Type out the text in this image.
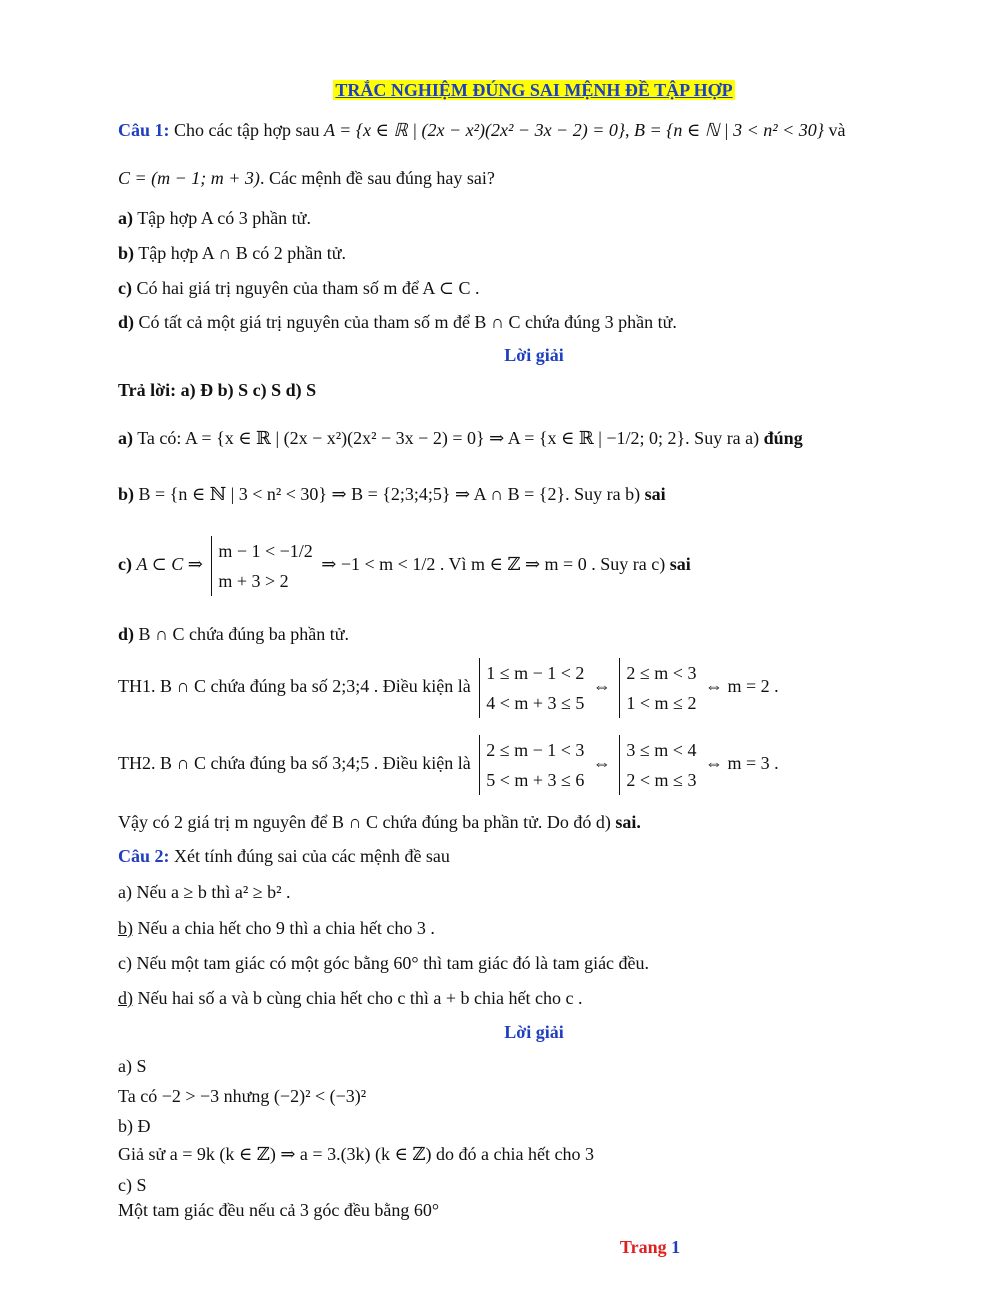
TRẮC NGHIỆM ĐÚNG SAI MỆNH ĐỀ TẬP HỢP
Câu 1: Cho các tập hợp sau A = {x ∈ ℝ | (2x − x²)(2x² − 3x − 2) = 0}, B = {n ∈ ℕ | 3 < n² < 30} và
C = (m − 1; m + 3). Các mệnh đề sau đúng hay sai?
a) Tập hợp A có 3 phần tử.
b) Tập hợp A ∩ B có 2 phần tử.
c) Có hai giá trị nguyên của tham số m để A ⊂ C .
d) Có tất cả một giá trị nguyên của tham số m để B ∩ C chứa đúng 3 phần tử.
Lời giải
Trả lời: a) Đ b) S c) S d) S
a) Ta có: A = {x ∈ ℝ | (2x − x²)(2x² − 3x − 2) = 0} ⇒ A = {x ∈ ℝ | −1/2; 0; 2}. Suy ra a) đúng
b) B = {n ∈ ℕ | 3 < n² < 30} ⇒ B = {2;3;4;5} ⇒ A ∩ B = {2}. Suy ra b) sai
c) A ⊂ C ⇒ m − 1 < −1/2
m + 3 > 2 ⇒ −1 < m < 1/2 . Vì m ∈ ℤ ⇒ m = 0 . Suy ra c) sai
d) B ∩ C chứa đúng ba phần tử.
TH1. B ∩ C chứa đúng ba số 2;3;4 . Điều kiện là 1 ≤ m − 1 < 2
4 < m + 3 ≤ 5 ⇔ 2 ≤ m < 3
1 < m ≤ 2 ⇔ m = 2 .
TH2. B ∩ C chứa đúng ba số 3;4;5 . Điều kiện là 2 ≤ m − 1 < 3
5 < m + 3 ≤ 6 ⇔ 3 ≤ m < 4
2 < m ≤ 3 ⇔ m = 3 .
Vậy có 2 giá trị m nguyên để B ∩ C chứa đúng ba phần tử. Do đó d) sai.
Câu 2: Xét tính đúng sai của các mệnh đề sau
a) Nếu a ≥ b thì a² ≥ b² .
b) Nếu a chia hết cho 9 thì a chia hết cho 3 .
c) Nếu một tam giác có một góc bằng 60° thì tam giác đó là tam giác đều.
d) Nếu hai số a và b cùng chia hết cho c thì a + b chia hết cho c .
Lời giải
a) S
Ta có −2 > −3 nhưng (−2)² < (−3)²
b) Đ
Giả sử a = 9k (k ∈ ℤ) ⇒ a = 3.(3k) (k ∈ ℤ) do đó a chia hết cho 3
c) S
Một tam giác đều nếu cả 3 góc đều bằng 60°
Trang 1
